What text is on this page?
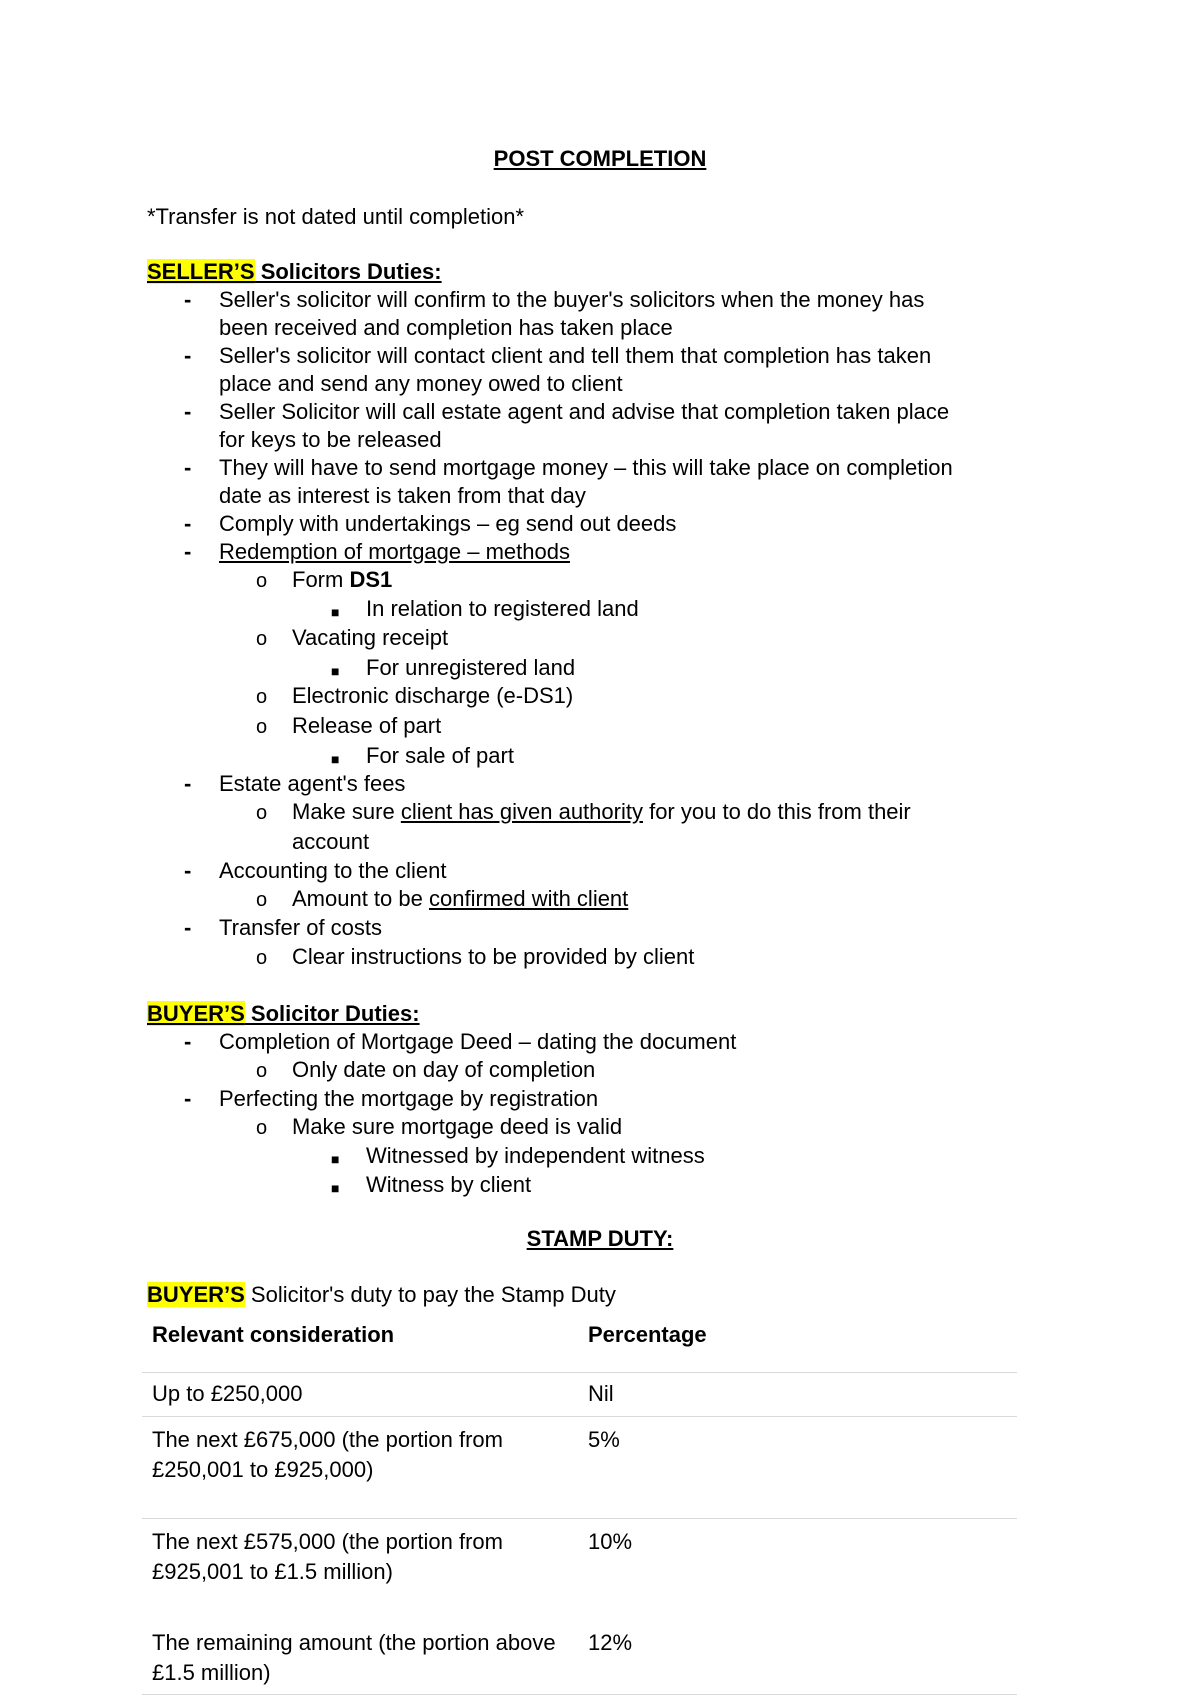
POST COMPLETION
*Transfer is not dated until completion*
SELLER’S Solicitors Duties:
- Seller's solicitor will confirm to the buyer's solicitors when the money has
been received and completion has taken place
- Seller's solicitor will contact client and tell them that completion has taken
place and send any money owed to client
- Seller Solicitor will call estate agent and advise that completion taken place
for keys to be released
- They will have to send mortgage money – this will take place on completion
date as interest is taken from that day
- Comply with undertakings – eg send out deeds
- Redemption of mortgage – methods
o Form DS1
■ In relation to registered land
o Vacating receipt
■ For unregistered land
o Electronic discharge (e-DS1)
o Release of part
■ For sale of part
- Estate agent's fees
o Make sure client has given authority for you to do this from their
account
- Accounting to the client
o Amount to be confirmed with client
- Transfer of costs
o Clear instructions to be provided by client
BUYER’S Solicitor Duties:
- Completion of Mortgage Deed – dating the document
o Only date on day of completion
- Perfecting the mortgage by registration
o Make sure mortgage deed is valid
■ Witnessed by independent witness
■ Witness by client
STAMP DUTY:
BUYER’S Solicitor's duty to pay the Stamp Duty
Relevant consideration	Percentage
Up to £250,000	Nil
The next £675,000 (the portion from £250,001 to £925,000)	5%
The next £575,000 (the portion from £925,001 to £1.5 million)	10%
The remaining amount (the portion above £1.5 million)	12%
